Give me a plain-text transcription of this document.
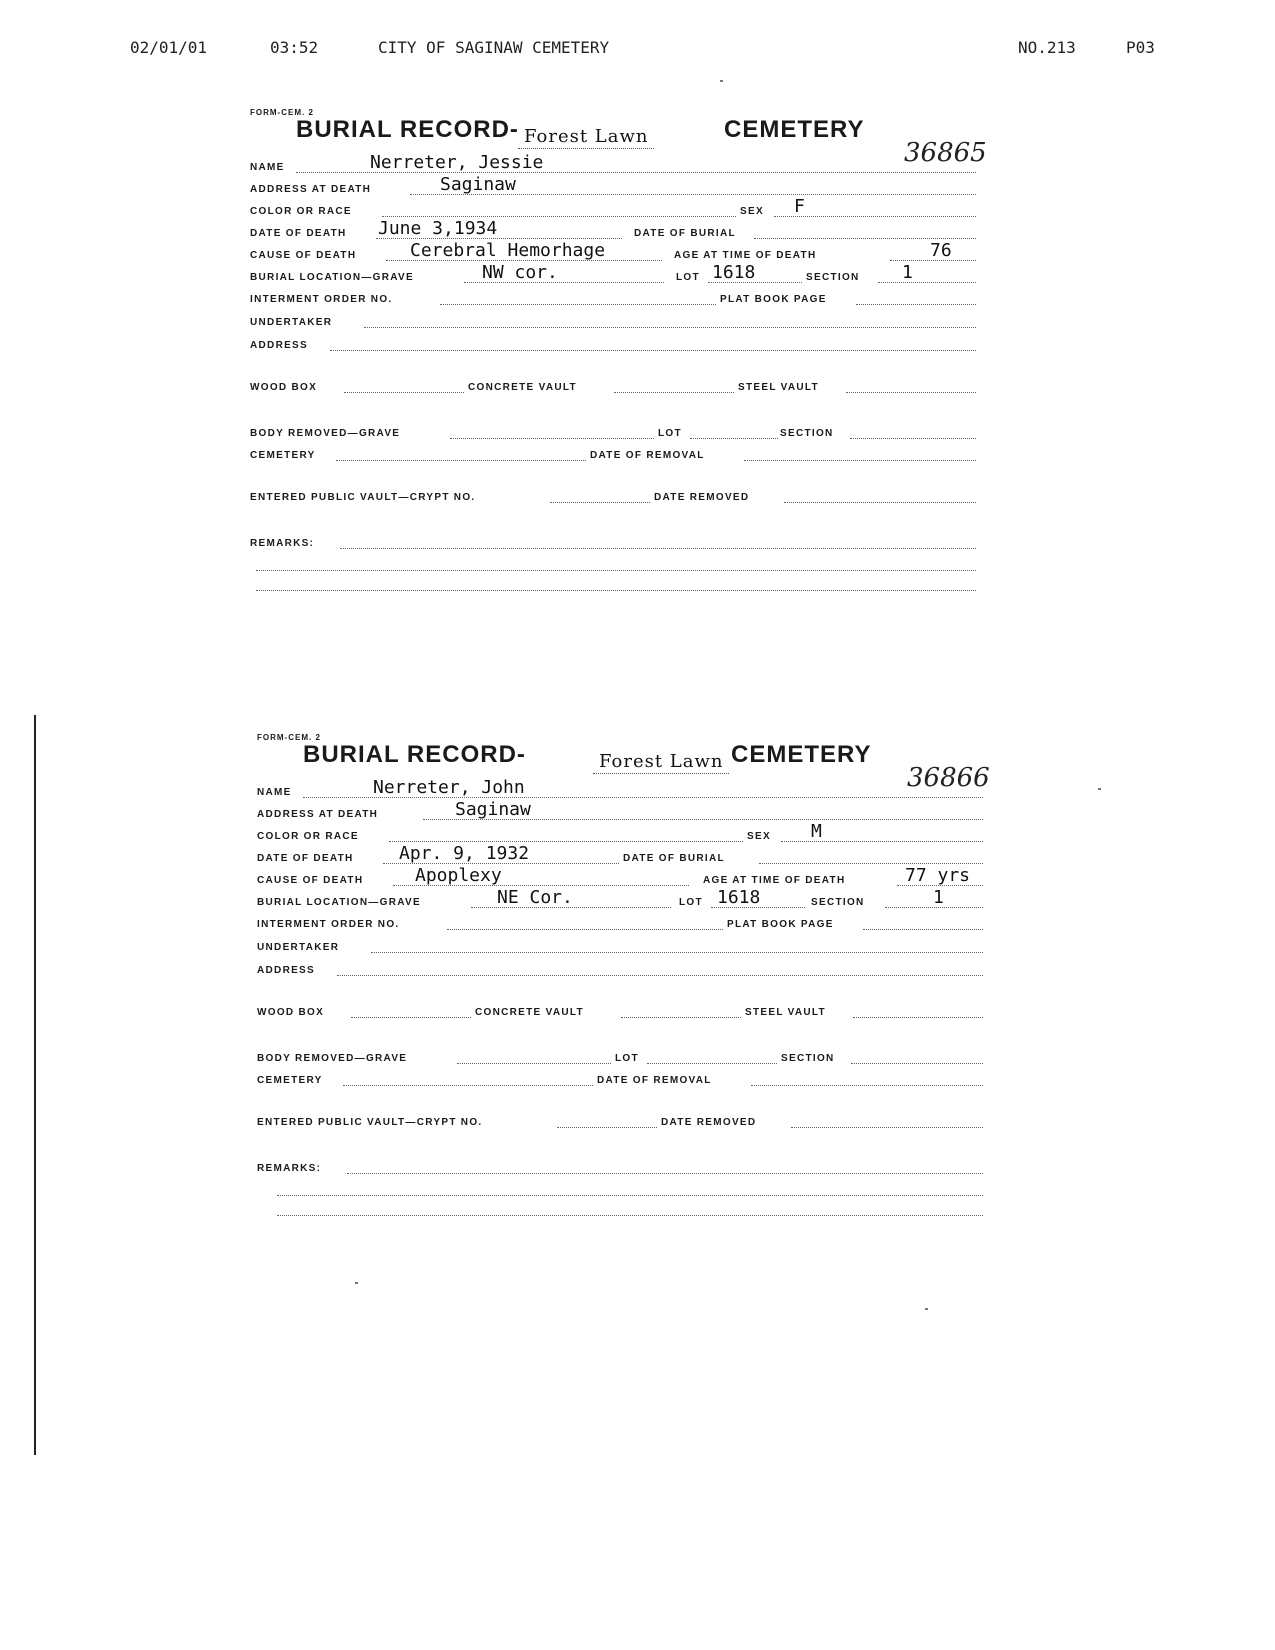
02/01/01	03:52	CITY OF SAGINAW CEMETERY	NO.213	P03
FORM-CEM. 2
BURIAL RECORD- Forest Lawn	CEMETERY
36865
NAME	Nerreter, Jessie
ADDRESS AT DEATH	Saginaw
COLOR OR RACE	SEX F
DATE OF DEATH June 3,1934	DATE OF BURIAL
CAUSE OF DEATH	Cerebral Hemorhage	AGE AT TIME OF DEATH	76
BURIAL LOCATION—GRAVE	NW cor.	LOT 1618	SECTION 1
INTERMENT ORDER NO.	PLAT BOOK PAGE
UNDERTAKER
ADDRESS
WOOD BOX	CONCRETE VAULT	STEEL VAULT
BODY REMOVED—GRAVE	LOT	SECTION
CEMETERY	DATE OF REMOVAL
ENTERED PUBLIC VAULT—CRYPT NO.	DATE REMOVED
REMARKS:
FORM-CEM. 2
BURIAL RECORD-	Forest Lawn CEMETERY
36866
NAME	Nerreter, John
ADDRESS AT DEATH	Saginaw
COLOR OR RACE	SEX M
DATE OF DEATH	Apr. 9, 1932	DATE OF BURIAL
CAUSE OF DEATH	Apoplexy	AGE AT TIME OF DEATH	77 yrs
BURIAL LOCATION—GRAVE	NE Cor.	LOT 1618	SECTION	1
INTERMENT ORDER NO.	PLAT BOOK PAGE
UNDERTAKER
ADDRESS
WOOD BOX	CONCRETE VAULT	STEEL VAULT
BODY REMOVED—GRAVE	LOT	SECTION
CEMETERY	DATE OF REMOVAL
ENTERED PUBLIC VAULT—CRYPT NO.	DATE REMOVED
REMARKS:
